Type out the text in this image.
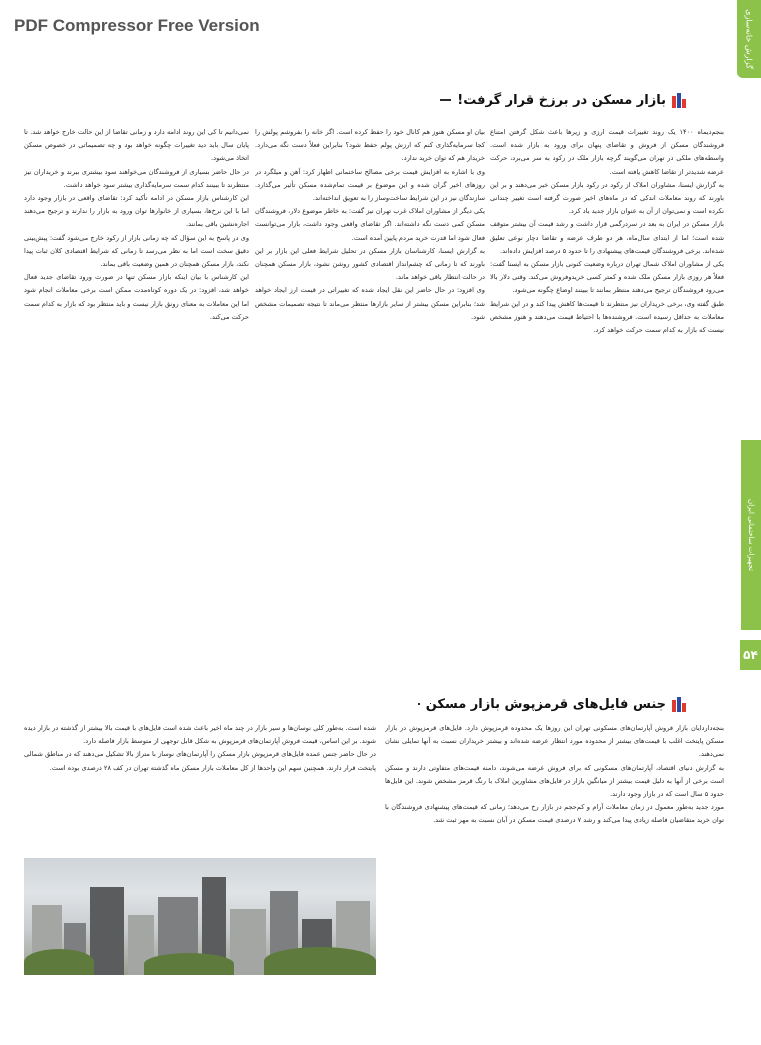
PDF Compressor Free Version	گزارش خانه‌سازی
تجهیزات ساختمانی ایران
۵۴
بازار مسکن در برزخ قرار گرفت!

بنجم‌دیماه ۱۴۰۰ یک روند تغییرات قیمت ارزی و زیرها باعث شکل گرفتن امتناع فروشندگان مسکن از فروش و تقاضای پنهان برای ورود به بازار شده است. واسطه‌های ملکی در تهران می‌گویند گرچه بازار ملک در رکود به سر می‌برد، حرکت عرضه شدیدتر از تقاضا کاهش یافته است.

به گزارش ایسنا، مشاوران املاک از رکود در رکود بازار مسکن خبر می‌دهند و بر این باورند که روند معاملات اندکی که در ماه‌های اخیر صورت گرفته است تغییر چندانی نکرده است و نمی‌توان از آن به عنوان بازار جدید یاد کرد.

بازار مسکن در ایران به بعد در سردرگمی قرار داشت و رشد قیمت آن بیشتر متوقف شده است؛ اما از ابتدای سال‌ماه، هر دو طرف عرضه و تقاضا دچار نوعی تعلیق شده‌اند. برخی فروشندگان قیمت‌های پیشنهادی را تا حدود ۵ درصد افزایش داده‌اند.

یکی از مشاوران املاک شمال تهران درباره وضعیت کنونی بازار مسکن به ایسنا گفت: فعلاً هر روزی بازار مسکن ملک شده و کمتر کسی خریدوفروش می‌کند. وقتی دلار بالا می‌رود فروشندگان ترجیح می‌دهند منتظر بمانند تا ببینند اوضاع چگونه می‌شود.

طبق گفته وی، برخی خریداران نیز منتظرند تا قیمت‌ها کاهش پیدا کند و در این شرایط معاملات به حداقل رسیده است. فروشنده‌ها با احتیاط قیمت می‌دهند و هنوز مشخص نیست که بازار به کدام سمت حرکت خواهد کرد.

بیان او مسکن هنوز هم کانال خود را حفظ کرده است. اگر خانه را بفروشم پولش را کجا سرمایه‌گذاری کنم که ارزش پولم حفظ شود؟ بنابراین فعلاً دست نگه می‌دارد. خریدار هم که توان خرید ندارد.

وی با اشاره به افزایش قیمت برخی مصالح ساختمانی اظهار کرد: آهن و میلگرد در روزهای اخیر گران شده و این موضوع بر قیمت تمام‌شده مسکن تأثیر می‌گذارد. سازندگان نیز در این شرایط ساخت‌وساز را به تعویق انداخته‌اند.

یکی دیگر از مشاوران املاک غرب تهران نیز گفت: به خاطر موضوع دلار، فروشندگان مسکن کمی دست نگه داشته‌اند. اگر تقاضای واقعی وجود داشت، بازار می‌توانست فعال شود اما قدرت خرید مردم پایین آمده است.

به گزارش ایسنا، کارشناسان بازار مسکن در تحلیل شرایط فعلی این بازار بر این باورند که تا زمانی که چشم‌انداز اقتصادی کشور روشن نشود، بازار مسکن همچنان در حالت انتظار باقی خواهد ماند.

وی افزود: در حال حاضر این نقل ایجاد شده که تغییراتی در قیمت ارز ایجاد خواهد شد؛ بنابراین مسکن بیشتر از سایر بازارها منتظر می‌ماند تا نتیجه تصمیمات مشخص شود.

نمی‌دانیم تا کی این روند ادامه دارد و زمانی تقاضا از این حالت خارج خواهد شد. تا پایان سال باید دید تغییرات چگونه خواهد بود و چه تصمیماتی در خصوص مسکن اتخاذ می‌شود.

در حال حاضر بسیاری از فروشندگان می‌خواهند سود بیشتری ببرند و خریداران نیز منتظرند تا ببینند کدام سمت سرمایه‌گذاری بیشتر سود خواهد داشت.

این کارشناس بازار مسکن در ادامه تأکید کرد: تقاضای واقعی در بازار وجود دارد اما با این نرخ‌ها، بسیاری از خانوارها توان ورود به بازار را ندارند و ترجیح می‌دهند اجاره‌نشین باقی بمانند.

وی در پاسخ به این سؤال که چه زمانی بازار از رکود خارج می‌شود گفت: پیش‌بینی دقیق سخت است اما به نظر می‌رسد تا زمانی که شرایط اقتصادی کلان ثبات پیدا نکند، بازار مسکن همچنان در همین وضعیت باقی بماند.

این کارشناس با بیان اینکه بازار مسکن تنها در صورت ورود تقاضای جدید فعال خواهد شد، افزود: در یک دوره کوتاه‌مدت ممکن است برخی معاملات انجام شود اما این معاملات به معنای رونق بازار نیست و باید منتظر بود که بازار به کدام سمت حرکت می‌کند.

جنس فایل‌های قرمزپوش بازار مسکن

بنجه‌داردایان بازار فروش آپارتمان‌های مسکونی تهران این روزها یک محدوده قرمزپوش دارد. فایل‌های قرمزپوش در بازار مسکن پایتخت اغلب با قیمت‌های بیشتر از محدوده مورد انتظار عرضه شده‌اند و بیشتر خریداران نسبت به آنها تمایلی نشان نمی‌دهند.

به گزارش دنیای اقتصاد، آپارتمان‌های مسکونی که برای فروش عرضه می‌شوند، دامنه قیمت‌های متفاوتی دارند و مسکن است برخی از آنها به دلیل قیمت بیشتر از میانگین بازار در فایل‌های مشاورین املاک با رنگ قرمز مشخص شوند. این فایل‌ها حدود ۵ سال است که در بازار وجود دارند.

مورد جدید به‌طور معمول در زمان معاملات آرام و کم‌حجم در بازار رخ می‌دهد؛ زمانی که قیمت‌های پیشنهادی فروشندگان با توان خرید متقاضیان فاصله زیادی پیدا می‌کند و رشد ۷ درصدی قیمت مسکن در آبان نسبت به مهر ثبت شد.

شده است. به‌طور کلی نوسان‌ها و سیر بازار در چند ماه اخیر باعث شده است فایل‌های با قیمت بالا بیشتر از گذشته در بازار دیده شوند. بر این اساس، قیمت فروش آپارتمان‌های قرمزپوش به شکل قابل توجهی از متوسط بازار فاصله دارد.

در حال حاضر جنس عمده فایل‌های قرمزپوش بازار مسکن را آپارتمان‌های نوساز با متراژ بالا تشکیل می‌دهند که در مناطق شمالی پایتخت قرار دارند. همچنین سهم این واحدها از کل معاملات بازار مسکن ماه گذشته تهران در کف ۲۸ درصدی بوده است.
